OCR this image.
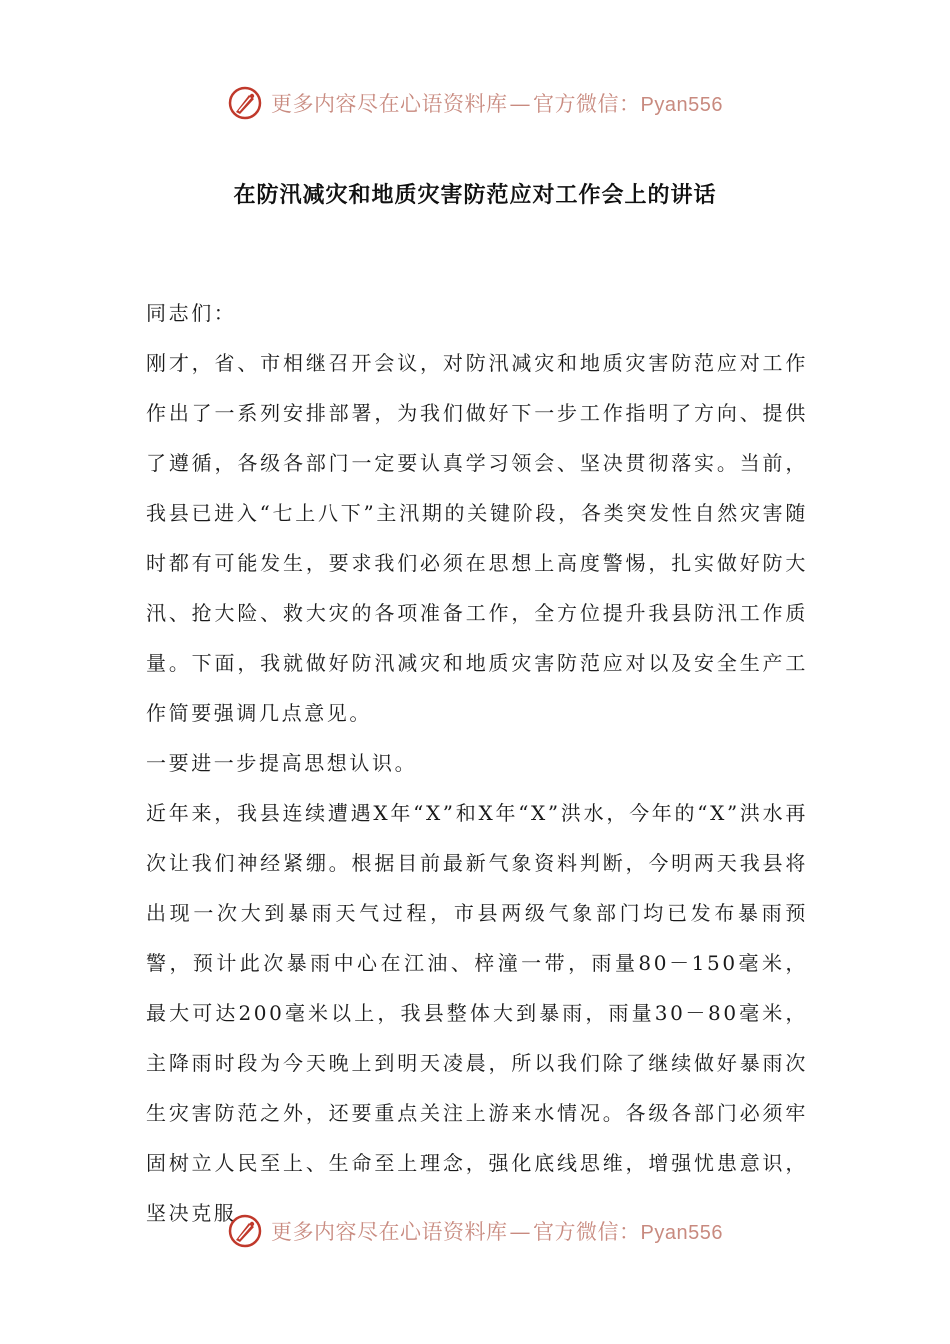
更多内容尽在心语资料库—官方微信：Pyan556
在防汛减灾和地质灾害防范应对工作会上的讲话

同志们：

刚才，省、市相继召开会议，对防汛减灾和地质灾害防范应对工作作出了一系列安排部署，为我们做好下一步工作指明了方向、提供了遵循，各级各部门一定要认真学习领会、坚决贯彻落实。当前，我县已进入“七上八下”主汛期的关键阶段，各类突发性自然灾害随时都有可能发生，要求我们必须在思想上高度警惕，扎实做好防大汛、抢大险、救大灾的各项准备工作，全方位提升我县防汛工作质量。下面，我就做好防汛减灾和地质灾害防范应对以及安全生产工作简要强调几点意见。

一要进一步提高思想认识。

近年来，我县连续遭遇X年“X”和X年“X”洪水，今年的“X”洪水再次让我们神经紧绷。根据目前最新气象资料判断，今明两天我县将出现一次大到暴雨天气过程，市县两级气象部门均已发布暴雨预警，预计此次暴雨中心在江油、梓潼一带，雨量80－150毫米，最大可达200毫米以上，我县整体大到暴雨，雨量30－80毫米，主降雨时段为今天晚上到明天凌晨，所以我们除了继续做好暴雨次生灾害防范之外，还要重点关注上游来水情况。各级各部门必须牢固树立人民至上、生命至上理念，强化底线思维，增强忧患意识，坚决克服

更多内容尽在心语资料库—官方微信：Pyan556
